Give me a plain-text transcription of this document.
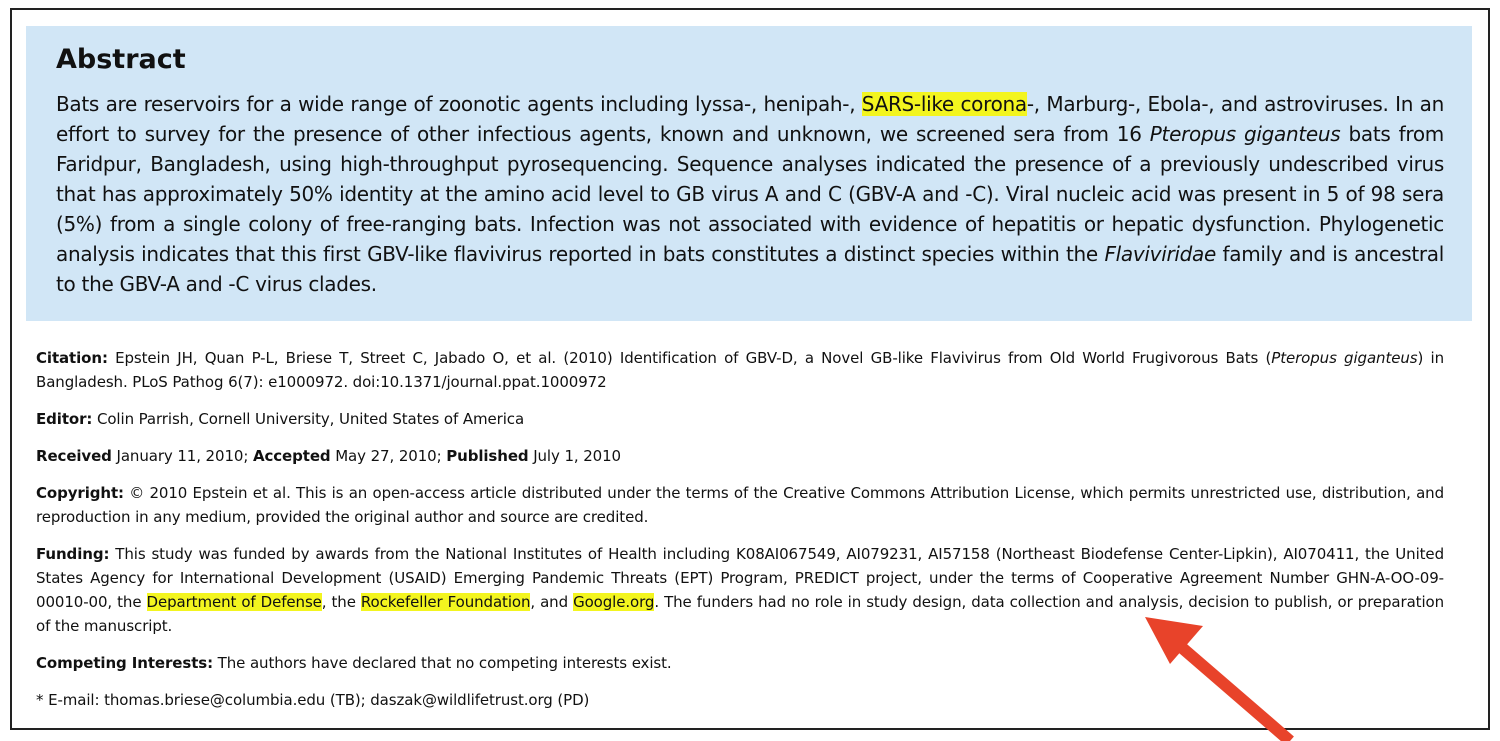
Abstract

Bats are reservoirs for a wide range of zoonotic agents including lyssa-, henipah-, SARS-like corona-, Marburg-, Ebola-, and astroviruses. In an effort to survey for the presence of other infectious agents, known and unknown, we screened sera from 16 Pteropus giganteus bats from Faridpur, Bangladesh, using high-throughput pyrosequencing. Sequence analyses indicated the presence of a previously undescribed virus that has approximately 50% identity at the amino acid level to GB virus A and C (GBV-A and -C). Viral nucleic acid was present in 5 of 98 sera (5%) from a single colony of free-ranging bats. Infection was not associated with evidence of hepatitis or hepatic dysfunction. Phylogenetic analysis indicates that this first GBV-like flavivirus reported in bats constitutes a distinct species within the Flaviviridae family and is ancestral to the GBV-A and -C virus clades.

Citation: Epstein JH, Quan P-L, Briese T, Street C, Jabado O, et al. (2010) Identification of GBV-D, a Novel GB-like Flavivirus from Old World Frugivorous Bats (Pteropus giganteus) in Bangladesh. PLoS Pathog 6(7): e1000972. doi:10.1371/journal.ppat.1000972

Editor: Colin Parrish, Cornell University, United States of America

Received January 11, 2010; Accepted May 27, 2010; Published July 1, 2010

Copyright: © 2010 Epstein et al. This is an open-access article distributed under the terms of the Creative Commons Attribution License, which permits unrestricted use, distribution, and reproduction in any medium, provided the original author and source are credited.

Funding: This study was funded by awards from the National Institutes of Health including K08AI067549, AI079231, AI57158 (Northeast Biodefense Center-Lipkin), AI070411, the United States Agency for International Development (USAID) Emerging Pandemic Threats (EPT) Program, PREDICT project, under the terms of Cooperative Agreement Number GHN-A-OO-09-00010-00, the Department of Defense, the Rockefeller Foundation, and Google.org. The funders had no role in study design, data collection and analysis, decision to publish, or preparation of the manuscript.

Competing Interests: The authors have declared that no competing interests exist.

* E-mail: thomas.briese@columbia.edu (TB); daszak@wildlifetrust.org (PD)
